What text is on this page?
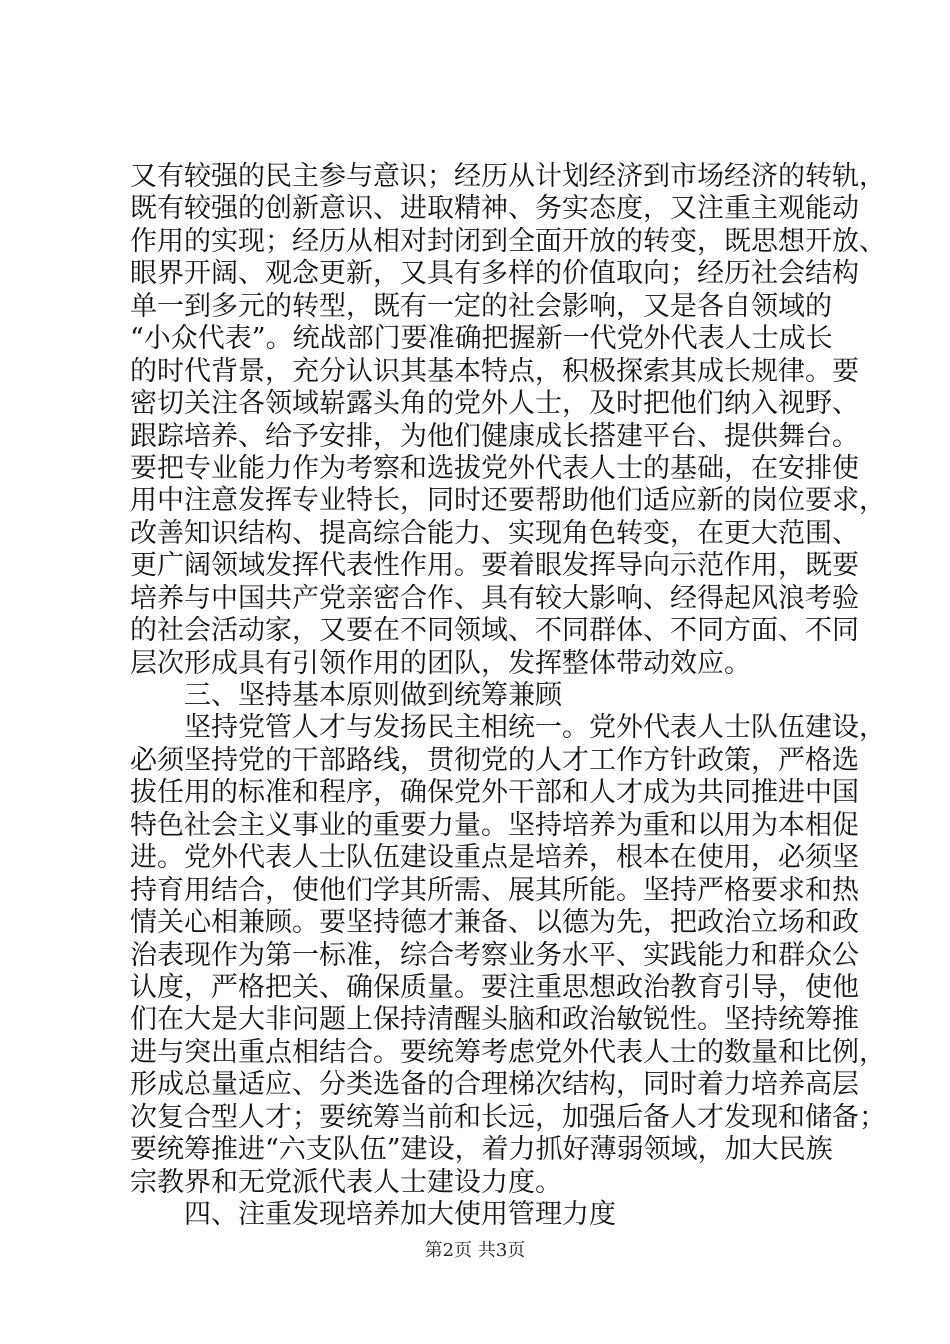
又有较强的民主参与意识；经历从计划经济到市场经济的转轨，
既有较强的创新意识、进取精神、务实态度，又注重主观能动
作用的实现；经历从相对封闭到全面开放的转变，既思想开放、
眼界开阔、观念更新，又具有多样的价值取向；经历社会结构
单一到多元的转型，既有一定的社会影响，又是各自领域的
“小众代表”。统战部门要准确把握新一代党外代表人士成长
的时代背景，充分认识其基本特点，积极探索其成长规律。要
密切关注各领域崭露头角的党外人士，及时把他们纳入视野、
跟踪培养、给予安排，为他们健康成长搭建平台、提供舞台。
要把专业能力作为考察和选拔党外代表人士的基础，在安排使
用中注意发挥专业特长，同时还要帮助他们适应新的岗位要求，
改善知识结构、提高综合能力、实现角色转变，在更大范围、
更广阔领域发挥代表性作用。要着眼发挥导向示范作用，既要
培养与中国共产党亲密合作、具有较大影响、经得起风浪考验
的社会活动家，又要在不同领域、不同群体、不同方面、不同
层次形成具有引领作用的团队，发挥整体带动效应。
三、坚持基本原则做到统筹兼顾
坚持党管人才与发扬民主相统一。党外代表人士队伍建设，
必须坚持党的干部路线，贯彻党的人才工作方针政策，严格选
拔任用的标准和程序，确保党外干部和人才成为共同推进中国
特色社会主义事业的重要力量。坚持培养为重和以用为本相促
进。党外代表人士队伍建设重点是培养，根本在使用，必须坚
持育用结合，使他们学其所需、展其所能。坚持严格要求和热
情关心相兼顾。要坚持德才兼备、以德为先，把政治立场和政
治表现作为第一标准，综合考察业务水平、实践能力和群众公
认度，严格把关、确保质量。要注重思想政治教育引导，使他
们在大是大非问题上保持清醒头脑和政治敏锐性。坚持统筹推
进与突出重点相结合。要统筹考虑党外代表人士的数量和比例，
形成总量适应、分类选备的合理梯次结构，同时着力培养高层
次复合型人才；要统筹当前和长远，加强后备人才发现和储备；
要统筹推进“六支队伍”建设，着力抓好薄弱领域，加大民族
宗教界和无党派代表人士建设力度。
四、注重发现培养加大使用管理力度
第2页 共3页
